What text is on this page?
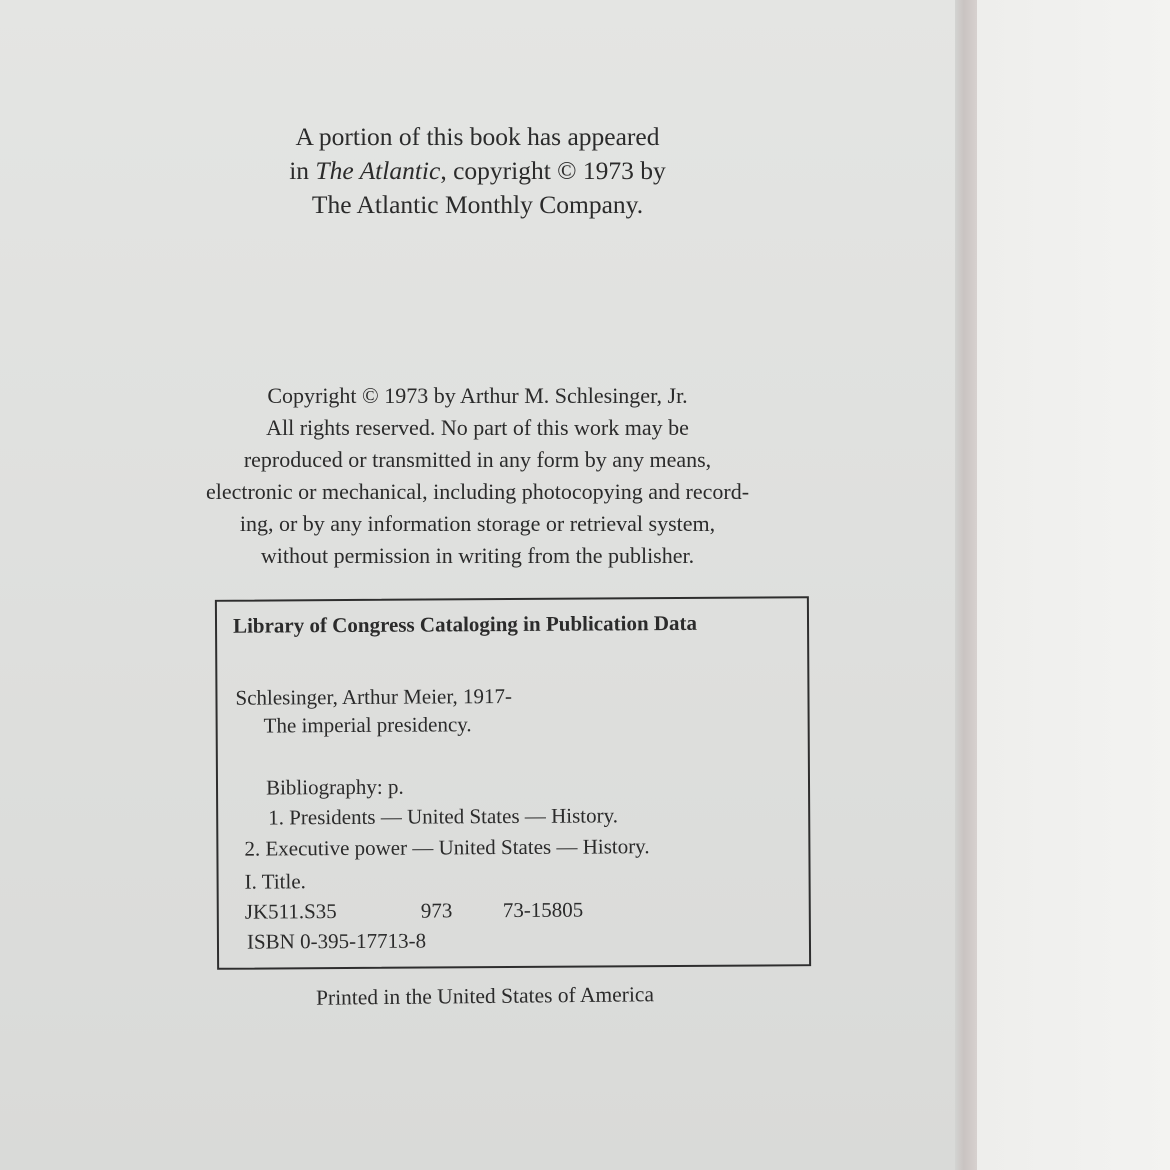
A portion of this book has appeared
in The Atlantic, copyright © 1973 by
The Atlantic Monthly Company.
Copyright © 1973 by Arthur M. Schlesinger, Jr.
All rights reserved. No part of this work may be
reproduced or transmitted in any form by any means,
electronic or mechanical, including photocopying and record-
ing, or by any information storage or retrieval system,
without permission in writing from the publisher.
Library of Congress Cataloging in Publication Data
Schlesinger, Arthur Meier, 1917-
The imperial presidency.
Bibliography: p.
1. Presidents — United States — History.
2. Executive power — United States — History.
I. Title.
JK511.S35	973 73-15805
ISBN 0-395-17713-8
Printed in the United States of America
